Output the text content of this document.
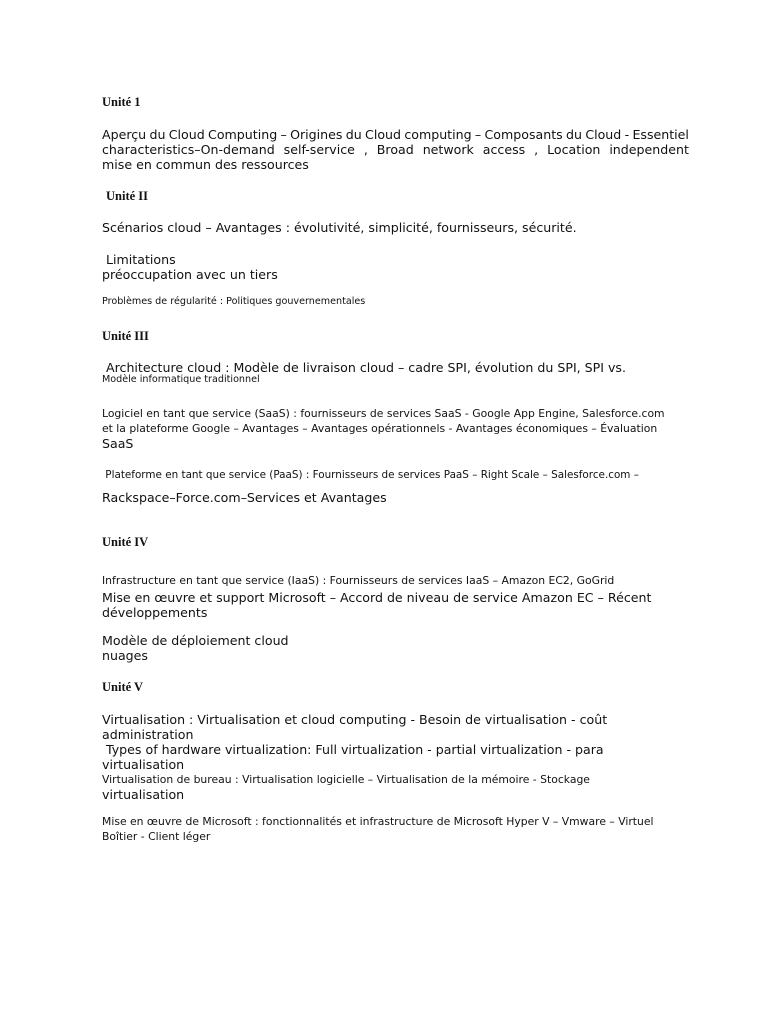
Unité 1
Aperçu du Cloud Computing – Origines du Cloud computing – Composants du Cloud - Essentiel
characteristics–On-demand self-service , Broad network access , Location independent
mise en commun des ressources
Unité II
Scénarios cloud – Avantages : évolutivité, simplicité, fournisseurs, sécurité.
Limitations
préoccupation avec un tiers
Problèmes de régularité : Politiques gouvernementales
Unité III
Architecture cloud : Modèle de livraison cloud – cadre SPI, évolution du SPI, SPI vs.
Modèle informatique traditionnel
Logiciel en tant que service (SaaS) : fournisseurs de services SaaS - Google App Engine, Salesforce.com
et la plateforme Google – Avantages – Avantages opérationnels - Avantages économiques – Évaluation
SaaS
Plateforme en tant que service (PaaS) : Fournisseurs de services PaaS – Right Scale – Salesforce.com –
Rackspace–Force.com–Services et Avantages
Unité IV
Infrastructure en tant que service (IaaS) : Fournisseurs de services IaaS – Amazon EC2, GoGrid
Mise en œuvre et support Microsoft – Accord de niveau de service Amazon EC – Récent
développements
Modèle de déploiement cloud
nuages
Unité V
Virtualisation : Virtualisation et cloud computing - Besoin de virtualisation - coût
administration
Types of hardware virtualization: Full virtualization - partial virtualization - para
virtualisation
Virtualisation de bureau : Virtualisation logicielle – Virtualisation de la mémoire - Stockage
virtualisation
Mise en œuvre de Microsoft : fonctionnalités et infrastructure de Microsoft Hyper V – Vmware – Virtuel
Boîtier - Client léger
